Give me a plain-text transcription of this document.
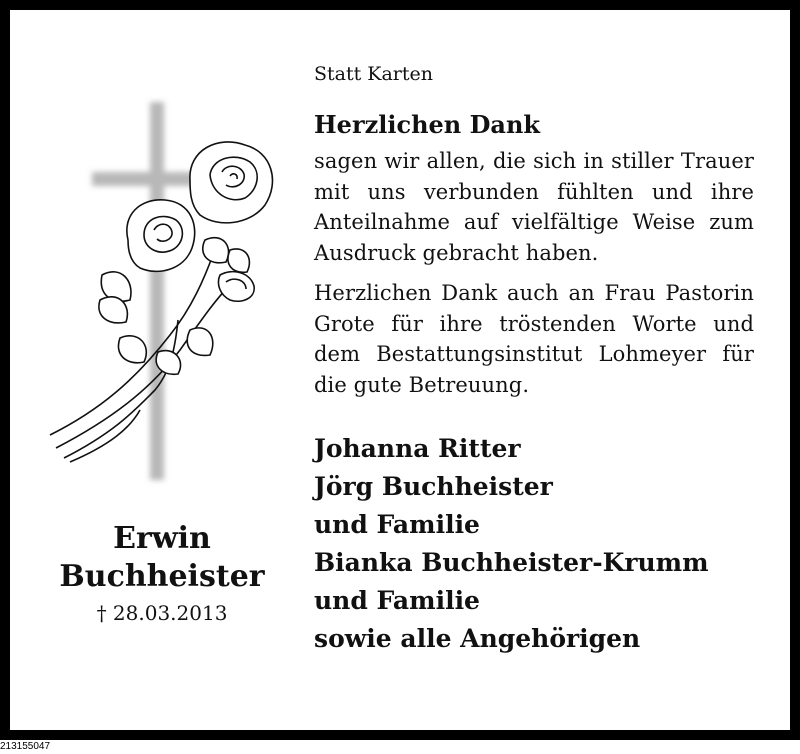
Erwin
Buchheister
† 28.03.2013

Statt Karten

Herzlichen Dank

sagen wir allen, die sich in stiller Trauer mit uns verbunden fühlten und ihre Anteilnahme auf vielfältige Weise zum Ausdruck gebracht haben.

Herzlichen Dank auch an Frau Pastorin Grote für ihre tröstenden Worte und dem Bestattungsinstitut Lohmeyer für die gute Betreuung.

Johanna Ritter
Jörg Buchheister
und Familie
Bianka Buchheister-Krumm
und Familie
sowie alle Angehörigen
213155047
